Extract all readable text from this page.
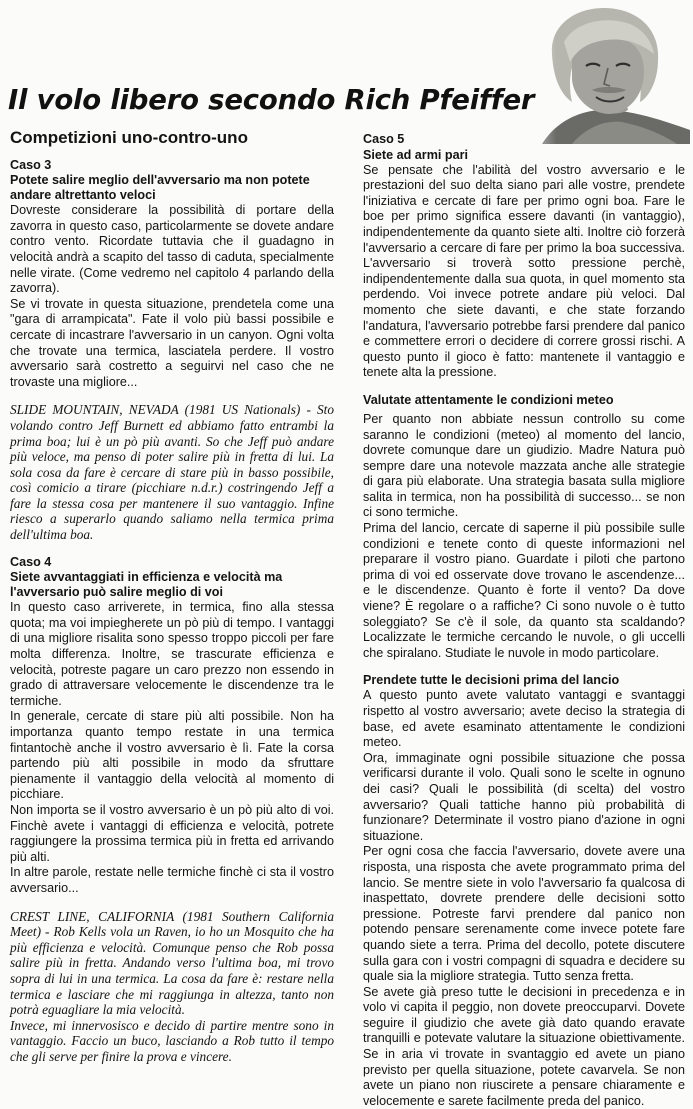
Il volo libero secondo Rich Pfeiffer
Competizioni uno-contro-uno
Caso 3
Potete salire meglio dell'avversario ma non potete andare altrettanto veloci

Dovreste considerare la possibilità di portare della zavorra in questo caso, particolarmente se dovete andare contro vento. Ricordate tuttavia che il guadagno in velocità andrà a scapito del tasso di caduta, specialmente nelle virate. (Come vedremo nel capitolo 4 parlando della zavorra).

Se vi trovate in questa situazione, prendetela come una "gara di arrampicata". Fate il volo più bassi possibile e cercate di incastrare l'avversario in un canyon. Ogni volta che trovate una termica, lasciatela perdere. Il vostro avversario sarà costretto a seguirvi nel caso che ne trovaste una migliore...

SLIDE MOUNTAIN, NEVADA (1981 US Nationals) - Sto volando contro Jeff Burnett ed abbiamo fatto entrambi la prima boa; lui è un pò più avanti. So che Jeff può andare più veloce, ma penso di poter salire più in fretta di lui. La sola cosa da fare è cercare di stare più in basso possibile, così comicio a tirare (picchiare n.d.r.) costringendo Jeff a fare la stessa cosa per mantenere il suo vantaggio. Infine riesco a superarlo quando saliamo nella termica prima dell'ultima boa.

Caso 4
Siete avvantaggiati in efficienza e velocità ma l'avversario può salire meglio di voi

In questo caso arriverete, in termica, fino alla stessa quota; ma voi impiegherete un pò più di tempo. I vantaggi di una migliore risalita sono spesso troppo piccoli per fare molta differenza. Inoltre, se trascurate efficienza e velocità, potreste pagare un caro prezzo non essendo in grado di attraversare velocemente le discendenze tra le termiche.

In generale, cercate di stare più alti possibile. Non ha importanza quanto tempo restate in una termica fintantochè anche il vostro avversario è lì. Fate la corsa partendo più alti possibile in modo da sfruttare pienamente il vantaggio della velocità al momento di picchiare.

Non importa se il vostro avversario è un pò più alto di voi. Finchè avete i vantaggi di efficienza e velocità, potrete raggiungere la prossima termica più in fretta ed arrivando più alti.

In altre parole, restate nelle termiche finchè ci sta il vostro avversario...

CREST LINE, CALIFORNIA (1981 Southern California Meet) - Rob Kells vola un Raven, io ho un Mosquito che ha più efficienza e velocità. Comunque penso che Rob possa salire più in fretta. Andando verso l'ultima boa, mi trovo sopra di lui in una termica. La cosa da fare è: restare nella termica e lasciare che mi raggiunga in altezza, tanto non potrà eguagliare la mia velocità.

Invece, mi innervosisco e decido di partire mentre sono in vantaggio. Faccio un buco, lasciando a Rob tutto il tempo che gli serve per finire la prova e vincere.

Caso 5
Siete ad armi pari

Se pensate che l'abilità del vostro avversario e le prestazioni del suo delta siano pari alle vostre, prendete l'iniziativa e cercate di fare per primo ogni boa. Fare le boe per primo significa essere davanti (in vantaggio), indipendentemente da quanto siete alti. Inoltre ciò forzerà l'avversario a cercare di fare per primo la boa successiva. L'avversario si troverà sotto pressione perchè, indipendentemente dalla sua quota, in quel momento sta perdendo. Voi invece potrete andare più veloci. Dal momento che siete davanti, e che state forzando l'andatura, l'avversario potrebbe farsi prendere dal panico e commettere errori o decidere di correre grossi rischi. A questo punto il gioco è fatto: mantenete il vantaggio e tenete alta la pressione.

Valutate attentamente le condizioni meteo

Per quanto non abbiate nessun controllo su come saranno le condizioni (meteo) al momento del lancio, dovrete comunque dare un giudizio. Madre Natura può sempre dare una notevole mazzata anche alle strategie di gara più elaborate. Una strategia basata sulla migliore salita in termica, non ha possibilità di successo... se non ci sono termiche.

Prima del lancio, cercate di saperne il più possibile sulle condizioni e tenete conto di queste informazioni nel preparare il vostro piano. Guardate i piloti che partono prima di voi ed osservate dove trovano le ascendenze... e le discendenze. Quanto è forte il vento? Da dove viene? È regolare o a raffiche? Ci sono nuvole o è tutto soleggiato? Se c'è il sole, da quanto sta scaldando? Localizzate le termiche cercando le nuvole, o gli uccelli che spiralano. Studiate le nuvole in modo particolare.

Prendete tutte le decisioni prima del lancio

A questo punto avete valutato vantaggi e svantaggi rispetto al vostro avversario; avete deciso la strategia di base, ed avete esaminato attentamente le condizioni meteo.

Ora, immaginate ogni possibile situazione che possa verificarsi durante il volo. Quali sono le scelte in ognuno dei casi? Quali le possibilità (di scelta) del vostro avversario? Quali tattiche hanno più probabilità di funzionare? Determinate il vostro piano d'azione in ogni situazione.

Per ogni cosa che faccia l'avversario, dovete avere una risposta, una risposta che avete programmato prima del lancio. Se mentre siete in volo l'avversario fa qualcosa di inaspettato, dovrete prendere delle decisioni sotto pressione. Potreste farvi prendere dal panico non potendo pensare serenamente come invece potete fare quando siete a terra. Prima del decollo, potete discutere sulla gara con i vostri compagni di squadra e decidere su quale sia la migliore strategia. Tutto senza fretta.

Se avete già preso tutte le decisioni in precedenza e in volo vi capita il peggio, non dovete preoccuparvi. Dovete seguire il giudizio che avete già dato quando eravate tranquilli e potevate valutare la situazione obiettivamente. Se in aria vi trovate in svantaggio ed avete un piano previsto per quella situazione, potete cavarvela. Se non avete un piano non riuscirete a pensare chiaramente e velocemente e sarete facilmente preda del panico.
